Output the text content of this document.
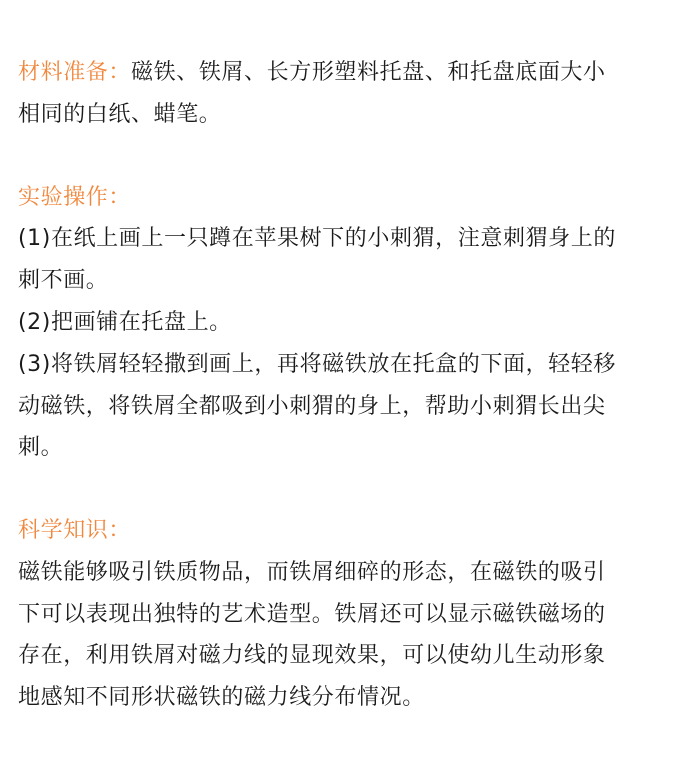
材料准备：磁铁、铁屑、长方形塑料托盘、和托盘底面大小
相同的白纸、蜡笔。
实验操作：
(1)在纸上画上一只蹲在苹果树下的小刺猬，注意刺猬身上的
刺不画。
(2)把画铺在托盘上。
(3)将铁屑轻轻撒到画上，再将磁铁放在托盒的下面，轻轻移
动磁铁，将铁屑全都吸到小刺猬的身上，帮助小刺猬长出尖
刺。
科学知识：
磁铁能够吸引铁质物品，而铁屑细碎的形态，在磁铁的吸引
下可以表现出独特的艺术造型。铁屑还可以显示磁铁磁场的
存在，利用铁屑对磁力线的显现效果，可以使幼儿生动形象
地感知不同形状磁铁的磁力线分布情况。
